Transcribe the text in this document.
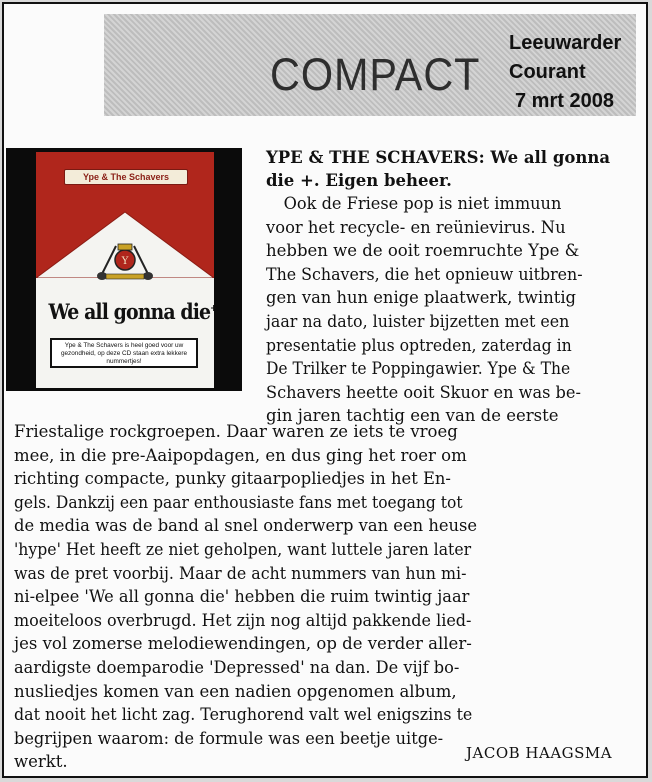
COMPACT
Leeuwarder
Courant
7 mrt 2008
Ype & The Schavers
Y
We all gonna die+
Ype & The Schavers is heel goed voor uw gezondheid, op deze CD staan extra lekkere nummertjes!
YPE & THE SCHAVERS: We all gonna
die +. Eigen beheer.
Ook de Friese pop is niet immuun
voor het recycle- en reünievirus. Nu
hebben we de ooit roemruchte Ype &
The Schavers, die het opnieuw uitbren-
gen van hun enige plaatwerk, twintig
jaar na dato, luister bijzetten met een
presentatie plus optreden, zaterdag in
De Trilker te Poppingawier. Ype & The
Schavers heette ooit Skuor en was be-
gin jaren tachtig een van de eerste
Friestalige rockgroepen. Daar waren ze iets te vroeg
mee, in die pre-Aaipopdagen, en dus ging het roer om
richting compacte, punky gitaarpopliedjes in het En-
gels. Dankzij een paar enthousiaste fans met toegang tot
de media was de band al snel onderwerp van een heuse
'hype' Het heeft ze niet geholpen, want luttele jaren later
was de pret voorbij. Maar de acht nummers van hun mi-
ni-elpee 'We all gonna die' hebben die ruim twintig jaar
moeiteloos overbrugd. Het zijn nog altijd pakkende lied-
jes vol zomerse melodiewendingen, op de verder aller-
aardigste doemparodie 'Depressed' na dan. De vijf bo-
nusliedjes komen van een nadien opgenomen album,
dat nooit het licht zag. Terughorend valt wel enigszins te
begrijpen waarom: de formule was een beetje uitge-
werkt.	JACOB HAAGSMA
